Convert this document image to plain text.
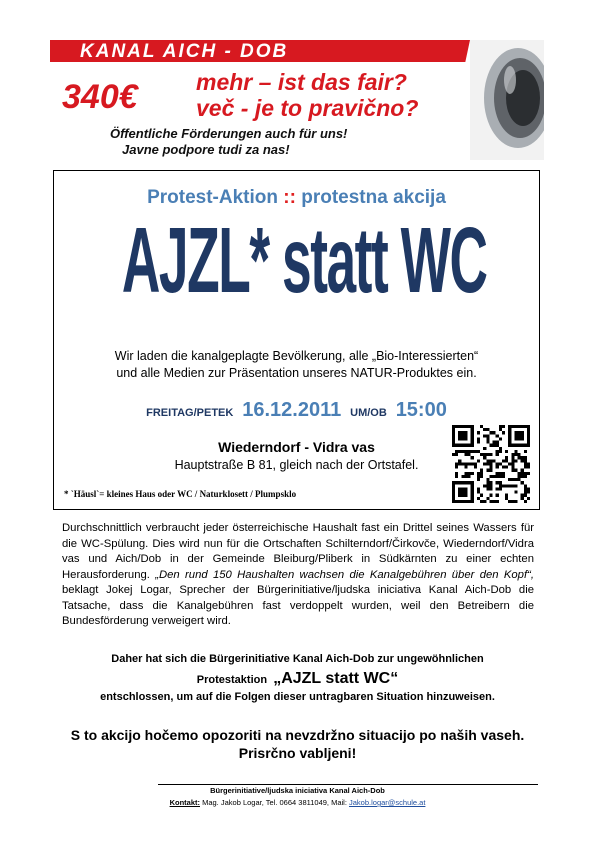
KANAL AICH - DOB
340€	mehr – ist das fair?
več - je to pravično?
Öffentliche Förderungen auch für uns!
Javne podpore tudi za nas!
Protest-Aktion :: protestna akcija
AJZL* statt WC
Wir laden die kanalgeplagte Bevölkerung, alle „Bio-Interessierten“
und alle Medien zur Präsentation unseres NATUR-Produktes ein.
FREITAG/PETEK 16.12.2011 UM/OB 15:00
Wiederndorf - Vidra vas
Hauptstraße B 81, gleich nach der Ortstafel.
* `Häusl`= kleines Haus oder WC / Naturklosett / Plumpsklo
Durchschnittlich verbraucht jeder österreichische Haushalt fast ein Drittel seines Wassers für die WC-Spülung. Dies wird nun für die Ortschaften Schilterndorf/Čirkovče, Wiederndorf/Vidra vas und Aich/Dob in der Gemeinde Bleiburg/Pliberk in Südkärnten zu einer echten Herausforderung. „Den rund 150 Haushalten wachsen die Kanalgebühren über den Kopf“, beklagt Jokej Logar, Sprecher der Bürgerinitiative/ljudska iniciativa Kanal Aich-Dob die Tatsache, dass die Kanalgebühren fast verdoppelt wurden, weil den Betreibern die Bundesförderung verweigert wird.
Daher hat sich die Bürgerinitiative Kanal Aich-Dob zur ungewöhnlichen
Protestaktion „AJZL statt WC“
entschlossen, um auf die Folgen dieser untragbaren Situation hinzuweisen.
S to akcijo hočemo opozoriti na nevzdržno situacijo po naših vaseh.
Prisrčno vabljeni!
Bürgerinitiative/ljudska iniciativa Kanal Aich-Dob
Kontakt: Mag. Jakob Logar, Tel. 0664 3811049, Mail: Jakob.logar@schule.at
